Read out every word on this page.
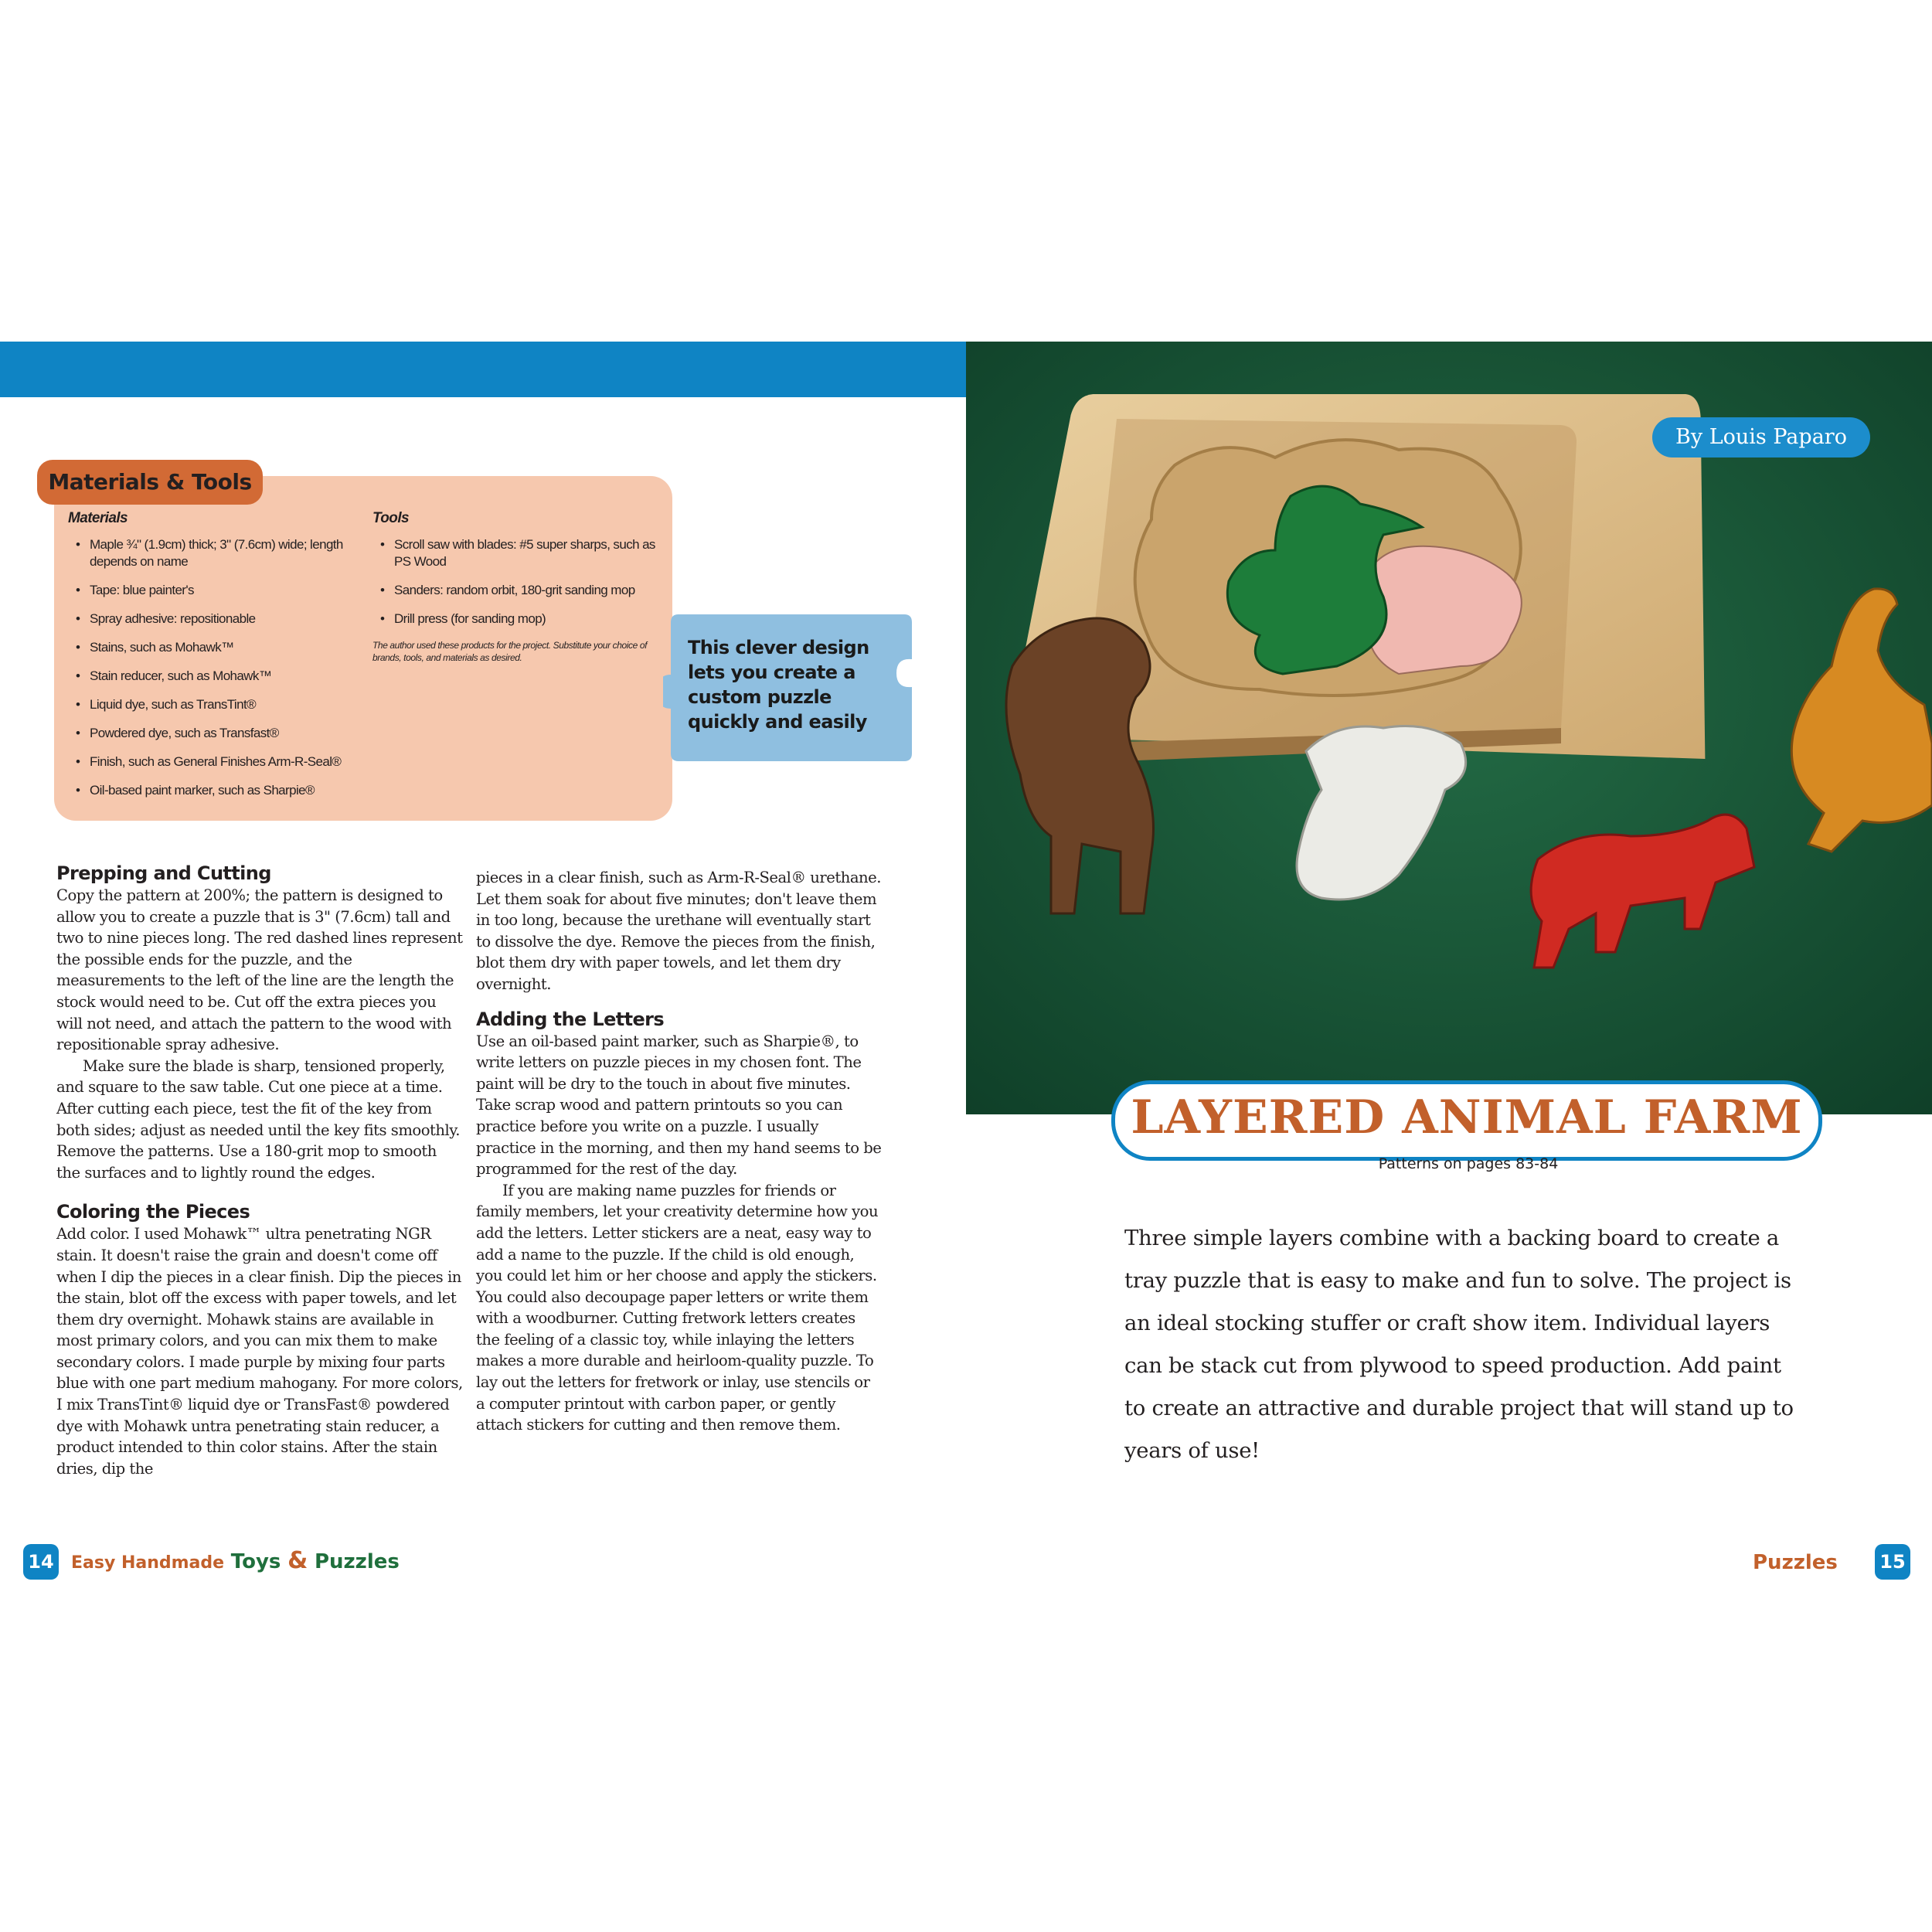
Materials & Tools
Materials
• Maple ¾" (1.9cm) thick; 3" (7.6cm) wide; length depends on name
• Tape: blue painter's
• Spray adhesive: repositionable
• Stains, such as Mohawk™
• Stain reducer, such as Mohawk™
• Liquid dye, such as TransTint®
• Powdered dye, such as Transfast®
• Finish, such as General Finishes Arm-R-Seal®
• Oil-based paint marker, such as Sharpie®
Tools
• Scroll saw with blades: #5 super sharps, such as PS Wood
• Sanders: random orbit, 180-grit sanding mop
• Drill press (for sanding mop)
The author used these products for the project. Substitute your choice of brands, tools, and materials as desired.	This clever design lets you create a custom puzzle quickly and easily
Prepping and Cutting

Copy the pattern at 200%; the pattern is designed to allow you to create a puzzle that is 3" (7.6cm) tall and two to nine pieces long. The red dashed lines represent the possible ends for the puzzle, and the measurements to the left of the line are the length the stock would need to be. Cut off the extra pieces you will not need, and attach the pattern to the wood with repositionable spray adhesive.

Make sure the blade is sharp, tensioned properly, and square to the saw table. Cut one piece at a time. After cutting each piece, test the fit of the key from both sides; adjust as needed until the key fits smoothly. Remove the patterns. Use a 180-grit mop to smooth the surfaces and to lightly round the edges.

Coloring the Pieces

Add color. I used Mohawk™ ultra penetrating NGR stain. It doesn't raise the grain and doesn't come off when I dip the pieces in a clear finish. Dip the pieces in the stain, blot off the excess with paper towels, and let them dry overnight. Mohawk stains are available in most primary colors, and you can mix them to make secondary colors. I made purple by mixing four parts blue with one part medium mahogany. For more colors, I mix TransTint® liquid dye or TransFast® powdered dye with Mohawk untra penetrating stain reducer, a product intended to thin color stains. After the stain dries, dip the

pieces in a clear finish, such as Arm-R-Seal® urethane. Let them soak for about five minutes; don't leave them in too long, because the urethane will eventually start to dissolve the dye. Remove the pieces from the finish, blot them dry with paper towels, and let them dry overnight.

Adding the Letters

Use an oil-based paint marker, such as Sharpie®, to write letters on puzzle pieces in my chosen font. The paint will be dry to the touch in about five minutes. Take scrap wood and pattern printouts so you can practice before you write on a puzzle. I usually practice in the morning, and then my hand seems to be programmed for the rest of the day.

If you are making name puzzles for friends or family members, let your creativity determine how you add the letters. Letter stickers are a neat, easy way to add a name to the puzzle. If the child is old enough, you could let him or her choose and apply the stickers. You could also decoupage paper letters or write them with a woodburner. Cutting fretwork letters creates the feeling of a classic toy, while inlaying the letters makes a more durable and heirloom-quality puzzle. To lay out the letters for fretwork or inlay, use stencils or a computer printout with carbon paper, or gently attach stickers for cutting and then remove them.

14 Easy Handmade Toys & Puzzles
By Louis Paparo
LAYERED ANIMAL FARM
Patterns on pages 83-84
Three simple layers combine with a backing board to create a tray puzzle that is easy to make and fun to solve. The project is an ideal stocking stuffer or craft show item. Individual layers can be stack cut from plywood to speed production. Add paint to create an attractive and durable project that will stand up to years of use!
Puzzles 15
